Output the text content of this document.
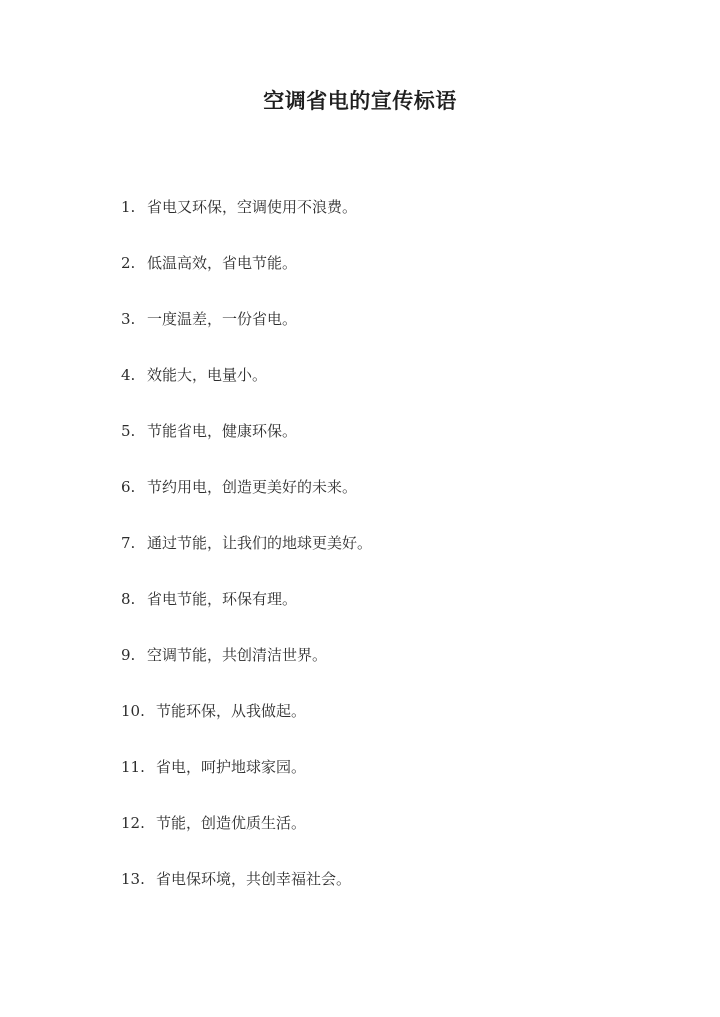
空调省电的宣传标语
1. 省电又环保，空调使用不浪费。
2. 低温高效，省电节能。
3. 一度温差，一份省电。
4. 效能大，电量小。
5. 节能省电，健康环保。
6. 节约用电，创造更美好的未来。
7. 通过节能，让我们的地球更美好。
8. 省电节能，环保有理。
9. 空调节能，共创清洁世界。
10. 节能环保，从我做起。
11. 省电，呵护地球家园。
12. 节能，创造优质生活。
13. 省电保环境，共创幸福社会。
